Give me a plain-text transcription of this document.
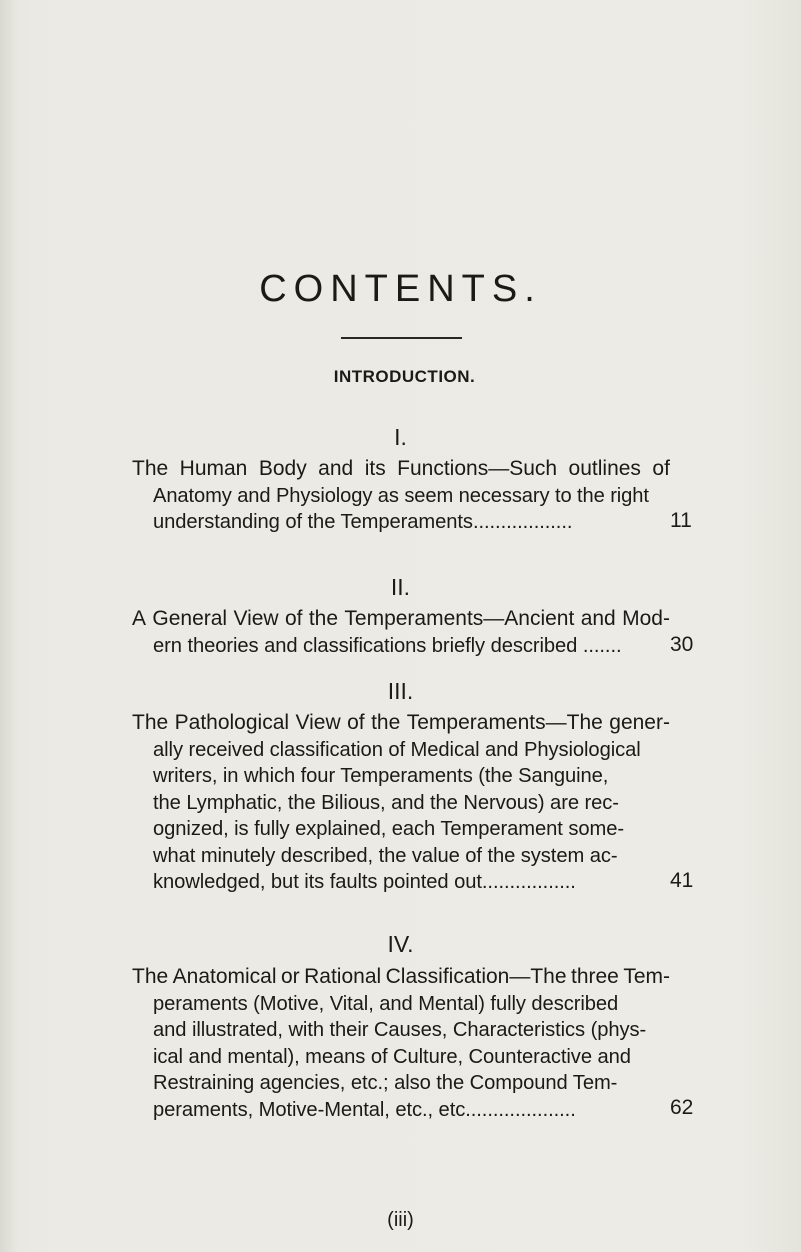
CONTENTS.
INTRODUCTION.
I.
The Human Body and its Functions—Such outlines of
Anatomy and Physiology as seem necessary to the right
understanding of the Temperaments..................	11
II.
A General View of the Temperaments—Ancient and Mod-
ern theories and classifications briefly described .......	30
III.
The Pathological View of the Temperaments—The gener-
ally received classification of Medical and Physiological
writers, in which four Temperaments (the Sanguine,
the Lymphatic, the Bilious, and the Nervous) are rec-
ognized, is fully explained, each Temperament some-
what minutely described, the value of the system ac-
knowledged, but its faults pointed out.................	41
IV.
The Anatomical or Rational Classification—The three Tem-
peraments (Motive, Vital, and Mental) fully described
and illustrated, with their Causes, Characteristics (phys-
ical and mental), means of Culture, Counteractive and
Restraining agencies, etc.; also the Compound Tem-
peraments, Motive-Mental, etc., etc....................	62
(iii)
